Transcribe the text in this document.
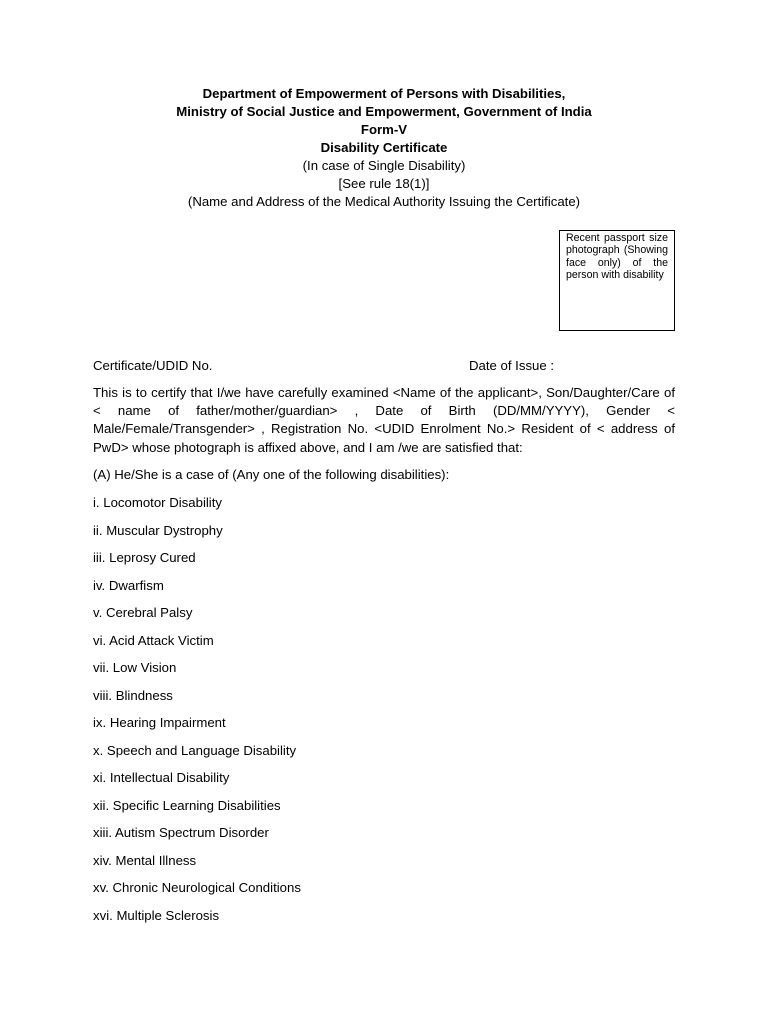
Department of Empowerment of Persons with Disabilities,
Ministry of Social Justice and Empowerment, Government of India
Form-V
Disability Certificate
(In case of Single Disability)
[See rule 18(1)]
(Name and Address of the Medical Authority Issuing the Certificate)
Recent passport size photograph (Showing face only) of the person with disability
Certificate/UDID No.	Date of Issue :
This is to certify that I/we have carefully examined <Name of the applicant>, Son/Daughter/Care of < name of father/mother/guardian> , Date of Birth (DD/MM/YYYY), Gender < Male/Female/Transgender> , Registration No. <UDID Enrolment No.> Resident of < address of PwD> whose photograph is affixed above, and I am /we are satisfied that:
(A) He/She is a case of (Any one of the following disabilities):
i. Locomotor Disability
ii. Muscular Dystrophy
iii. Leprosy Cured
iv. Dwarfism
v. Cerebral Palsy
vi. Acid Attack Victim
vii. Low Vision
viii. Blindness
ix. Hearing Impairment
x. Speech and Language Disability
xi. Intellectual Disability
xii. Specific Learning Disabilities
xiii. Autism Spectrum Disorder
xiv. Mental Illness
xv. Chronic Neurological Conditions
xvi. Multiple Sclerosis
